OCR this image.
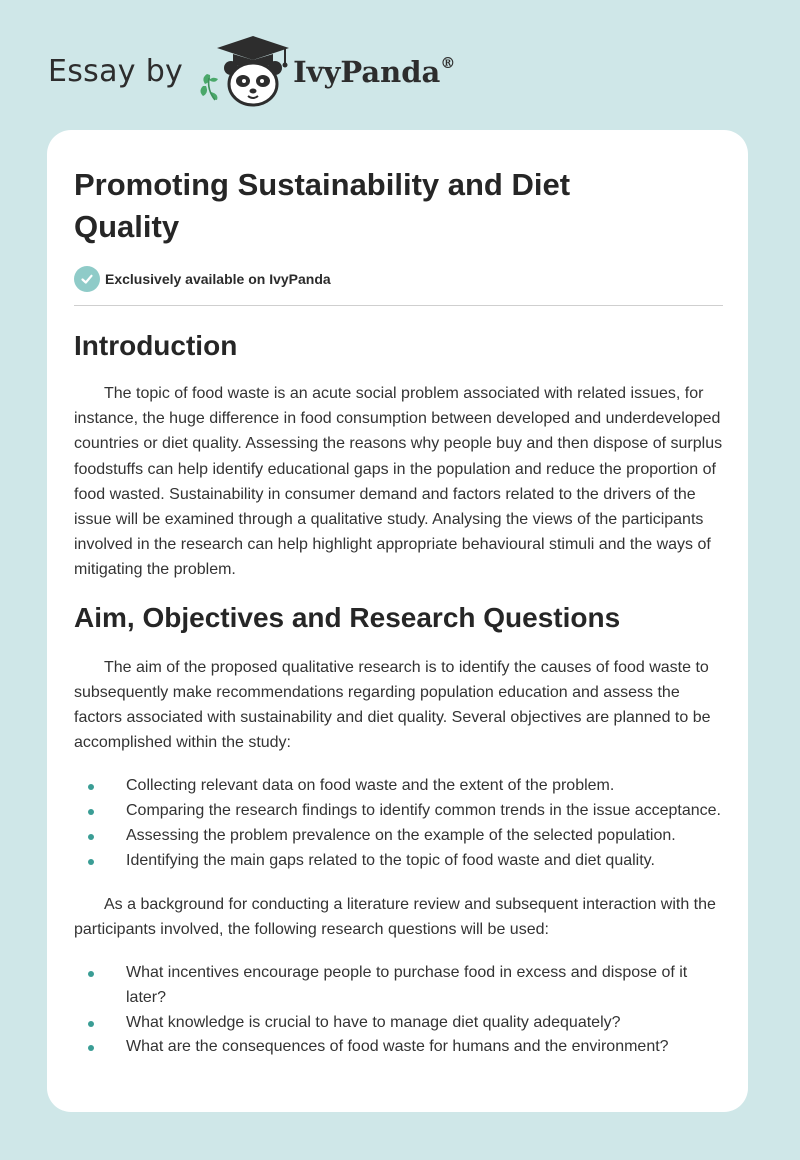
Essay by	IvyPanda®
Promoting Sustainability and Diet Quality
Exclusively available on IvyPanda
Introduction

The topic of food waste is an acute social problem associated with related issues, for instance, the huge difference in food consumption between developed and underdeveloped countries or diet quality. Assessing the reasons why people buy and then dispose of surplus foodstuffs can help identify educational gaps in the population and reduce the proportion of food wasted. Sustainability in consumer demand and factors related to the drivers of the issue will be examined through a qualitative study. Analysing the views of the participants involved in the research can help highlight appropriate behavioural stimuli and the ways of mitigating the problem.

Aim, Objectives and Research Questions

The aim of the proposed qualitative research is to identify the causes of food waste to subsequently make recommendations regarding population education and assess the factors associated with sustainability and diet quality. Several objectives are planned to be accomplished within the study:

Collecting relevant data on food waste and the extent of the problem.
Comparing the research findings to identify common trends in the issue acceptance.
Assessing the problem prevalence on the example of the selected population.
Identifying the main gaps related to the topic of food waste and diet quality.

As a background for conducting a literature review and subsequent interaction with the participants involved, the following research questions will be used:

What incentives encourage people to purchase food in excess and dispose of it later?
What knowledge is crucial to have to manage diet quality adequately?
What are the consequences of food waste for humans and the environment?
